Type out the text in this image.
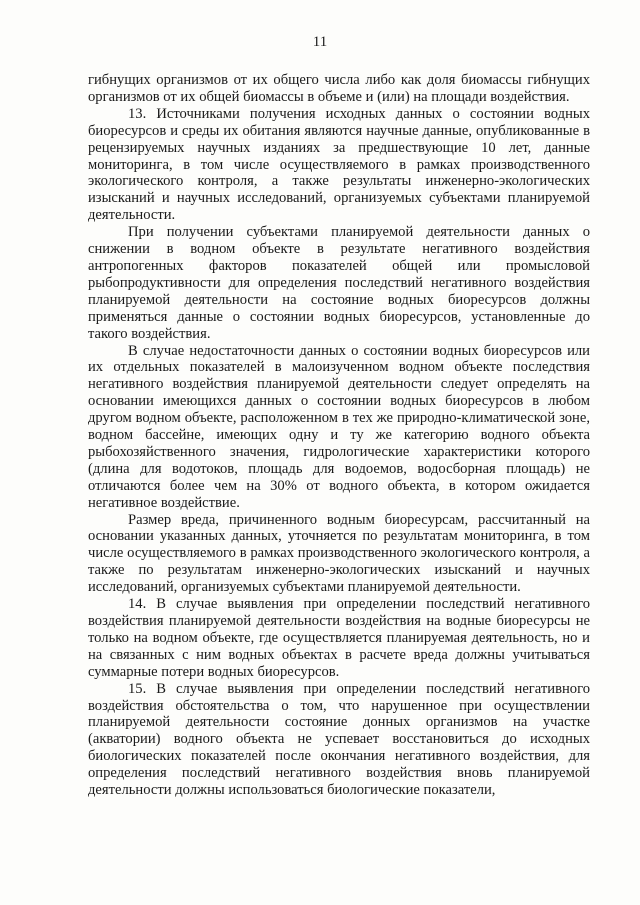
11

гибнущих организмов от их общего числа либо как доля биомассы гибнущих организмов от их общей биомассы в объеме и (или) на площади воздействия.

13. Источниками получения исходных данных о состоянии водных биоресурсов и среды их обитания являются научные данные, опубликованные в рецензируемых научных изданиях за предшествующие 10 лет, данные мониторинга, в том числе осуществляемого в рамках производственного экологического контроля, а также результаты инженерно-экологических изысканий и научных исследований, организуемых субъектами планируемой деятельности.

При получении субъектами планируемой деятельности данных о снижении в водном объекте в результате негативного воздействия антропогенных факторов показателей общей или промысловой рыбопродуктивности для определения последствий негативного воздействия планируемой деятельности на состояние водных биоресурсов должны применяться данные о состоянии водных биоресурсов, установленные до такого воздействия.

В случае недостаточности данных о состоянии водных биоресурсов или их отдельных показателей в малоизученном водном объекте последствия негативного воздействия планируемой деятельности следует определять на основании имеющихся данных о состоянии водных биоресурсов в любом другом водном объекте, расположенном в тех же природно-климатической зоне, водном бассейне, имеющих одну и ту же категорию водного объекта рыбохозяйственного значения, гидрологические характеристики которого (длина для водотоков, площадь для водоемов, водосборная площадь) не отличаются более чем на 30% от водного объекта, в котором ожидается негативное воздействие.

Размер вреда, причиненного водным биоресурсам, рассчитанный на основании указанных данных, уточняется по результатам мониторинга, в том числе осуществляемого в рамках производственного экологического контроля, а также по результатам инженерно-экологических изысканий и научных исследований, организуемых субъектами планируемой деятельности.

14. В случае выявления при определении последствий негативного воздействия планируемой деятельности воздействия на водные биоресурсы не только на водном объекте, где осуществляется планируемая деятельность, но и на связанных с ним водных объектах в расчете вреда должны учитываться суммарные потери водных биоресурсов.

15. В случае выявления при определении последствий негативного воздействия обстоятельства о том, что нарушенное при осуществлении планируемой деятельности состояние донных организмов на участке (акватории) водного объекта не успевает восстановиться до исходных биологических показателей после окончания негативного воздействия, для определения последствий негативного воздействия вновь планируемой деятельности должны использоваться биологические показатели,
